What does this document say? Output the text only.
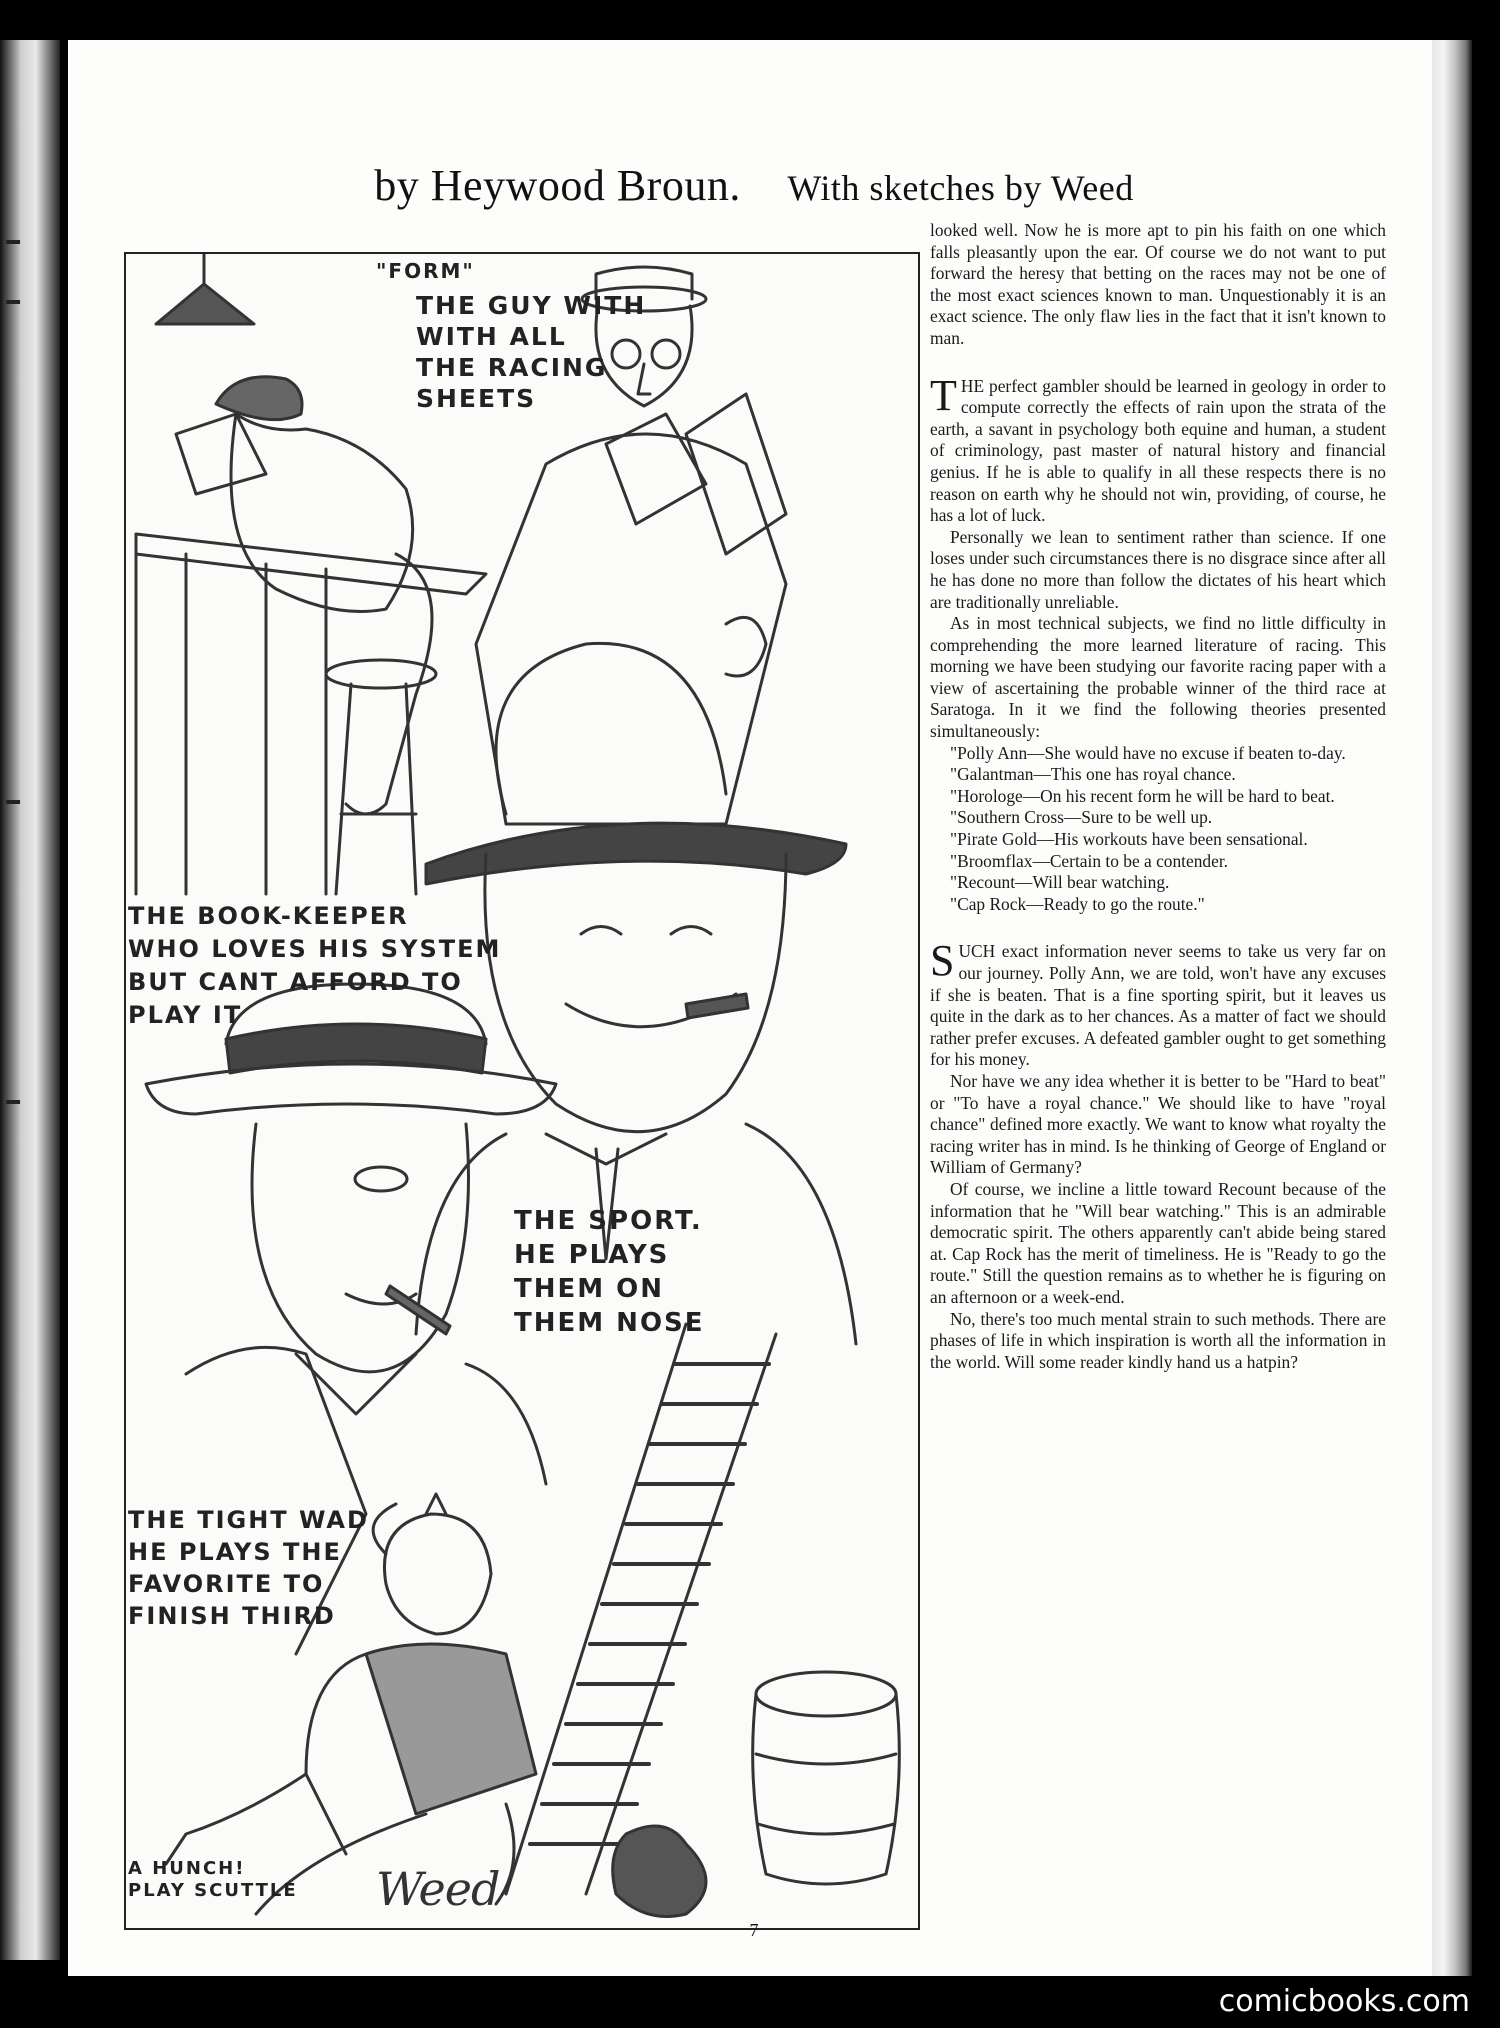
by Heywood Broun. With sketches by Weed
"FORM"
THE GUY WITH
WITH ALL
THE RACING
SHEETS
THE BOOK-KEEPER
WHO LOVES HIS SYSTEM
BUT CANT AFFORD TO
PLAY IT
THE SPORT.
HE PLAYS
THEM ON
THEM NOSE
THE TIGHT WAD
HE PLAYS THE
FAVORITE TO
FINISH THIRD
A HUNCH!
PLAY SCUTTLE Weed

looked well. Now he is more apt to pin his faith on one which falls pleasantly upon the ear. Of course we do not want to put forward the heresy that betting on the races may not be one of the most exact sciences known to man. Unquestionably it is an exact science. The only flaw lies in the fact that it isn't known to man.

THE perfect gambler should be learned in geology in order to compute correctly the effects of rain upon the strata of the earth, a savant in psychology both equine and human, a student of criminology, past master of natural history and financial genius. If he is able to qualify in all these respects there is no reason on earth why he should not win, providing, of course, he has a lot of luck.

Personally we lean to sentiment rather than science. If one loses under such circumstances there is no disgrace since after all he has done no more than follow the dictates of his heart which are traditionally unreliable.

As in most technical subjects, we find no little difficulty in comprehending the more learned literature of racing. This morning we have been studying our favorite racing paper with a view of ascertaining the probable winner of the third race at Saratoga. In it we find the following theories presented simultaneously:

"Polly Ann—She would have no excuse if beaten to-day.

"Galantman—This one has royal chance.

"Horologe—On his recent form he will be hard to beat.

"Southern Cross—Sure to be well up.

"Pirate Gold—His workouts have been sensational.

"Broomflax—Certain to be a contender.

"Recount—Will bear watching.

"Cap Rock—Ready to go the route."

SUCH exact information never seems to take us very far on our journey. Polly Ann, we are told, won't have any excuses if she is beaten. That is a fine sporting spirit, but it leaves us quite in the dark as to her chances. As a matter of fact we should rather prefer excuses. A defeated gambler ought to get something for his money.

Nor have we any idea whether it is better to be "Hard to beat" or "To have a royal chance." We should like to have "royal chance" defined more exactly. We want to know what royalty the racing writer has in mind. Is he thinking of George of England or William of Germany?

Of course, we incline a little toward Recount because of the information that he "Will bear watching." This is an admirable democratic spirit. The others apparently can't abide being stared at. Cap Rock has the merit of timeliness. He is "Ready to go the route." Still the question remains as to whether he is figuring on an afternoon or a week-end.

No, there's too much mental strain to such methods. There are phases of life in which inspiration is worth all the information in the world. Will some reader kindly hand us a hatpin?

7
comicbooks.com
